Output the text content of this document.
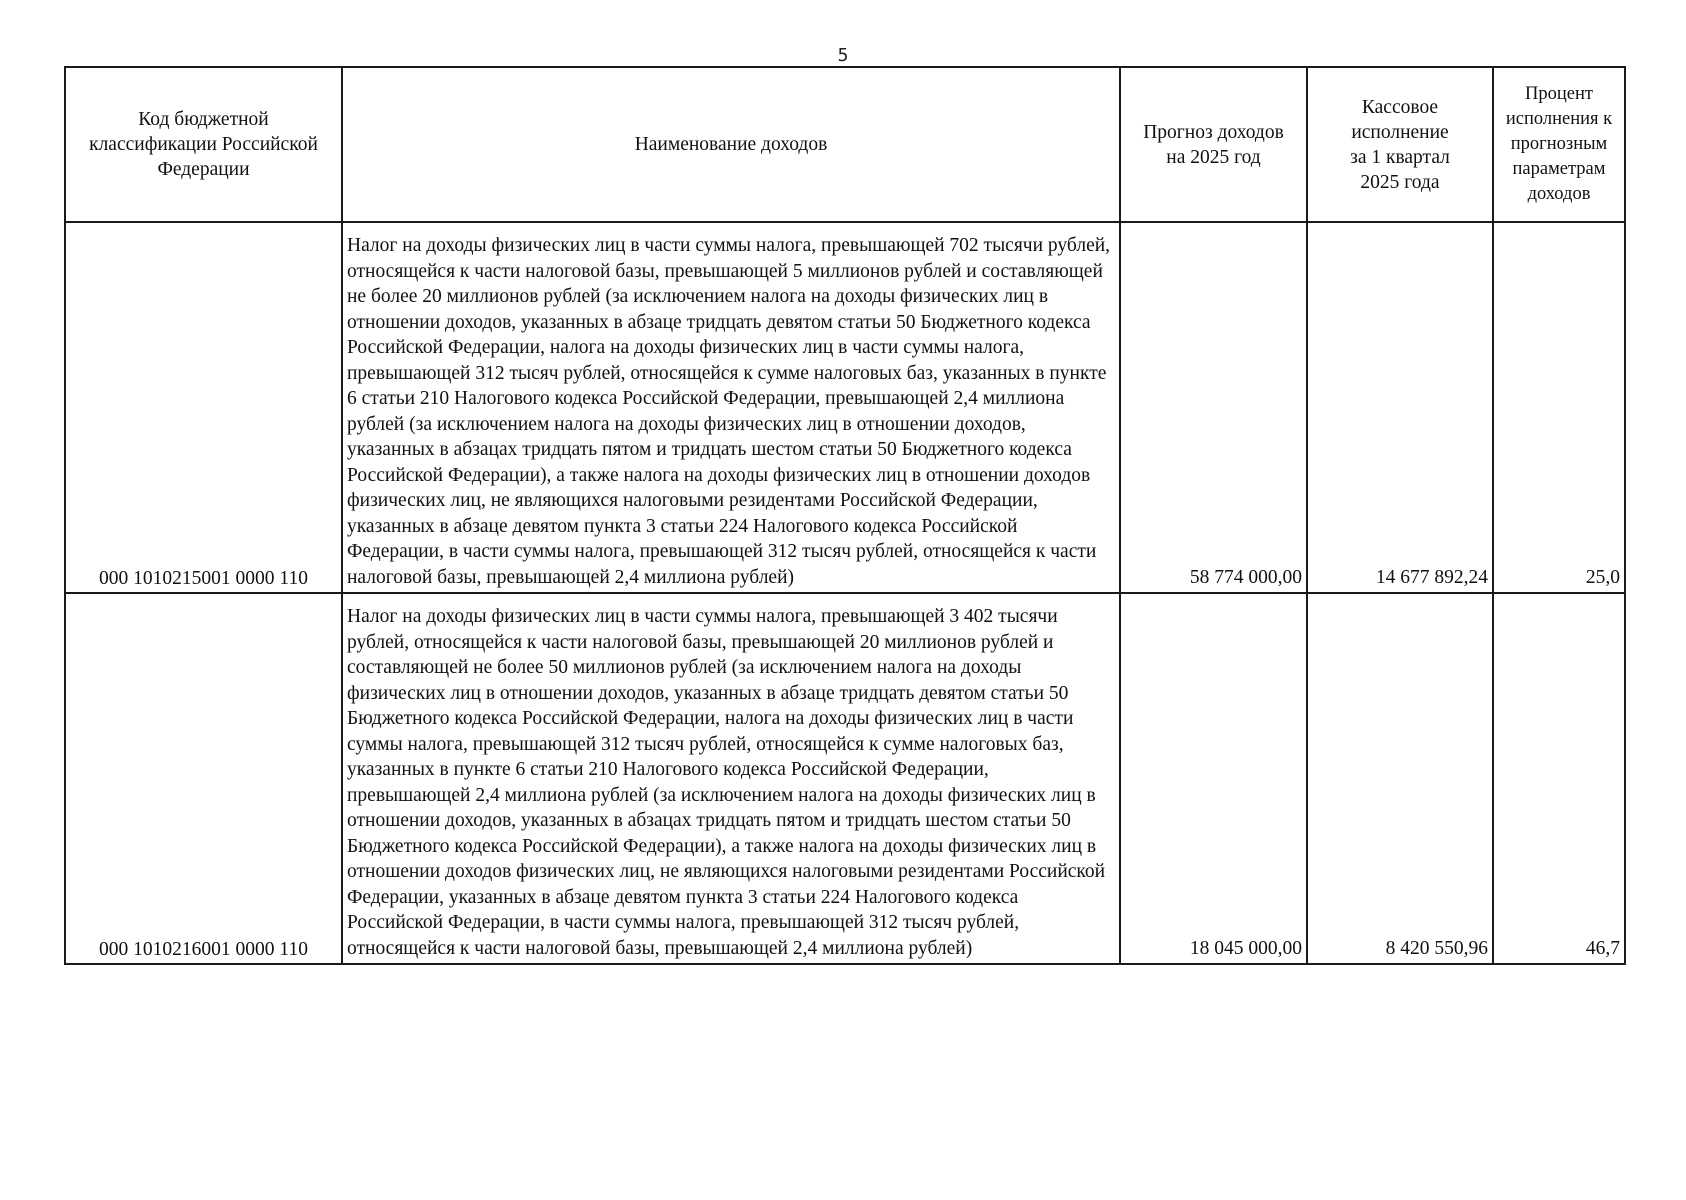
5
Код бюджетной классификации Российской Федерации	Наименование доходов	Прогноз доходов на 2025 год	Кассовое исполнение за 1 квартал 2025 года	Процент исполнения к прогнозным параметрам доходов
000 1010215001 0000 110	Налог на доходы физических лиц в части суммы налога, превышающей 702 тысячи рублей, относящейся к части налоговой базы, превышающей 5 миллионов рублей и составляющей не более 20 миллионов рублей (за исключением налога на доходы физических лиц в отношении доходов, указанных в абзаце тридцать девятом статьи 50 Бюджетного кодекса Российской Федерации, налога на доходы физических лиц в части суммы налога, превышающей 312 тысяч рублей, относящейся к сумме налоговых баз, указанных в пункте 6 статьи 210 Налогового кодекса Российской Федерации, превышающей 2,4 миллиона рублей (за исключением налога на доходы физических лиц в отношении доходов, указанных в абзацах тридцать пятом и тридцать шестом статьи 50 Бюджетного кодекса Российской Федерации), а также налога на доходы физических лиц в отношении доходов физических лиц, не являющихся налоговыми резидентами Российской Федерации, указанных в абзаце девятом пункта 3 статьи 224 Налогового кодекса Российской Федерации, в части суммы налога, превышающей 312 тысяч рублей, относящейся к части налоговой базы, превышающей 2,4 миллиона рублей)	58 774 000,00	14 677 892,24	25,0
000 1010216001 0000 110	Налог на доходы физических лиц в части суммы налога, превышающей 3 402 тысячи рублей, относящейся к части налоговой базы, превышающей 20 миллионов рублей и составляющей не более 50 миллионов рублей (за исключением налога на доходы физических лиц в отношении доходов, указанных в абзаце тридцать девятом статьи 50 Бюджетного кодекса Российской Федерации, налога на доходы физических лиц в части суммы налога, превышающей 312 тысяч рублей, относящейся к сумме налоговых баз, указанных в пункте 6 статьи 210 Налогового кодекса Российской Федерации, превышающей 2,4 миллиона рублей (за исключением налога на доходы физических лиц в отношении доходов, указанных в абзацах тридцать пятом и тридцать шестом статьи 50 Бюджетного кодекса Российской Федерации), а также налога на доходы физических лиц в отношении доходов физических лиц, не являющихся налоговыми резидентами Российской Федерации, указанных в абзаце девятом пункта 3 статьи 224 Налогового кодекса Российской Федерации, в части суммы налога, превышающей 312 тысяч рублей, относящейся к части налоговой базы, превышающей 2,4 миллиона рублей)	18 045 000,00	8 420 550,96	46,7
